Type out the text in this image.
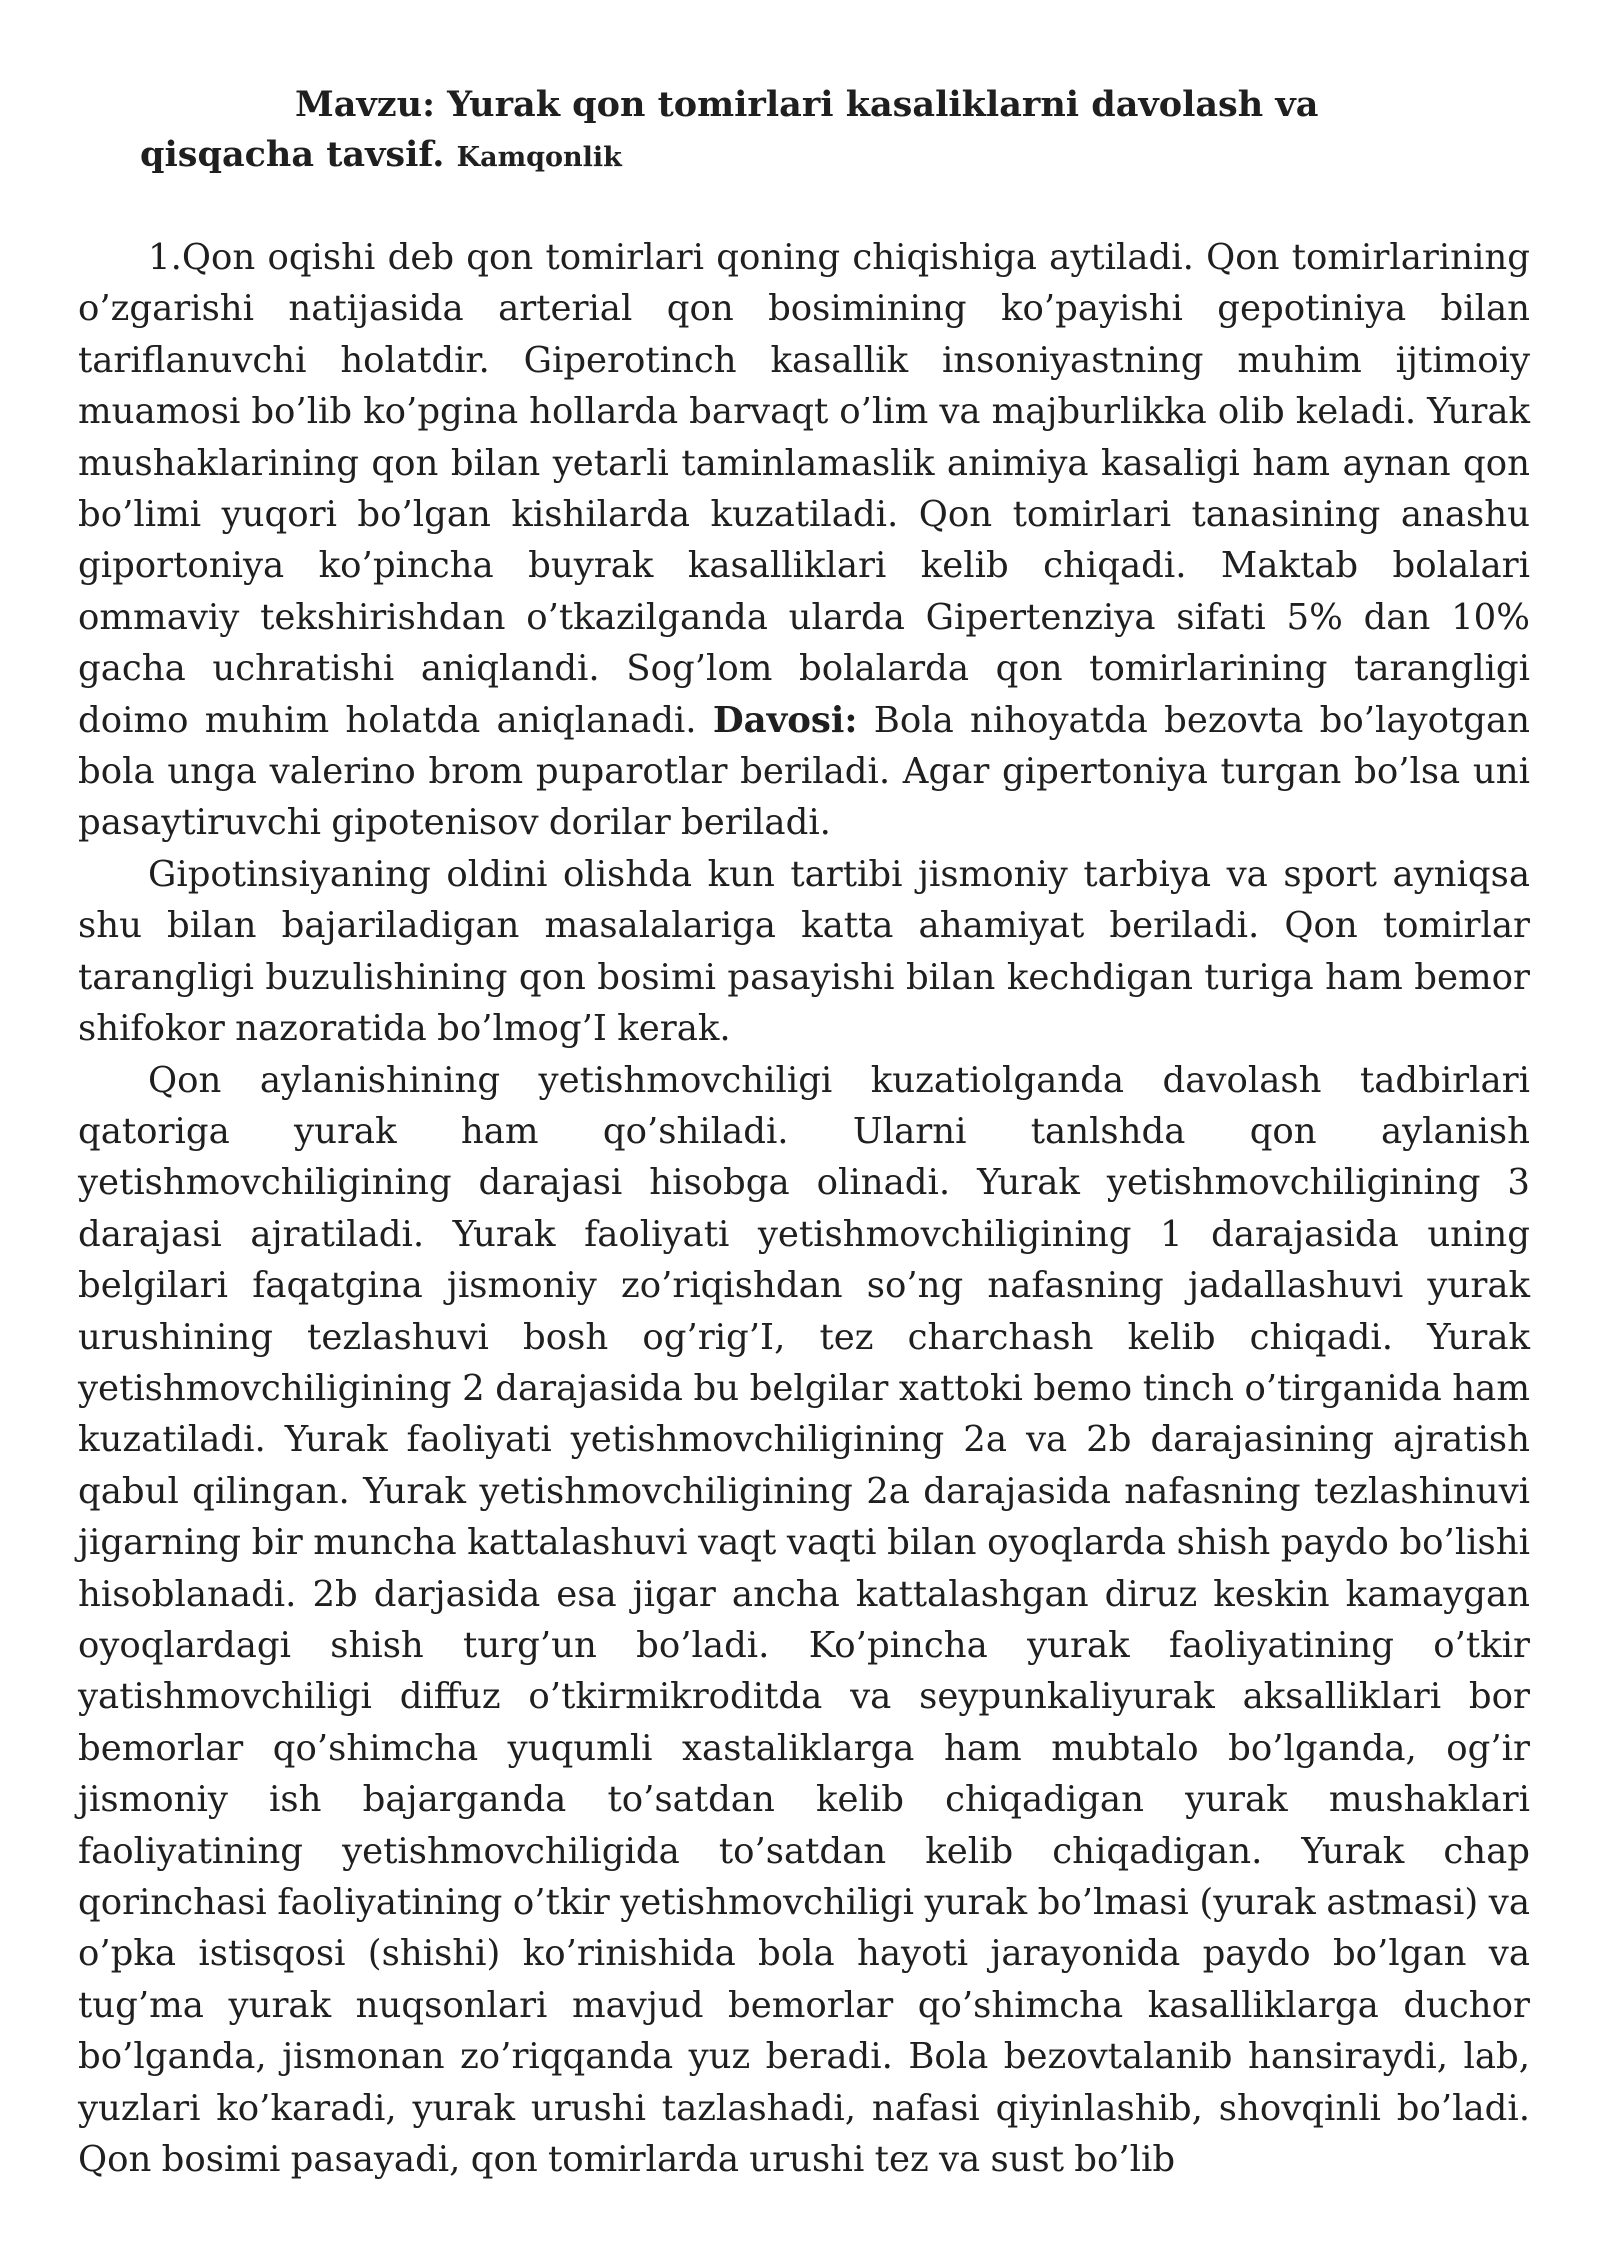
Mavzu: Yurak qon tomirlari kasaliklarni davolash va
qisqacha tavsif. Kamqonlik

1.Qon oqishi deb qon tomirlari qoning chiqishiga aytiladi. Qon tomirlarining o’zgarishi natijasida arterial qon bosimining ko’payishi gepotiniya bilan tariflanuvchi holatdir. Giperotinch kasallik insoniyastning muhim ijtimoiy muamosi bo’lib ko’pgina hollarda barvaqt o’lim va majburlikka olib keladi. Yurak mushaklarining qon bilan yetarli taminlamaslik animiya kasaligi ham aynan qon bo’limi yuqori bo’lgan kishilarda kuzatiladi. Qon tomirlari tanasining anashu giportoniya ko’pincha buyrak kasalliklari kelib chiqadi. Maktab bolalari ommaviy tekshirishdan o’tkazilganda ularda Gipertenziya sifati 5% dan 10% gacha uchratishi aniqlandi. Sog’lom bolalarda qon tomirlarining tarangligi doimo muhim holatda aniqlanadi. Davosi: Bola nihoyatda bezovta bo’layotgan bola unga valerino brom puparotlar beriladi. Agar gipertoniya turgan bo’lsa uni pasaytiruvchi gipotenisov dorilar beriladi.

Gipotinsiyaning oldini olishda kun tartibi jismoniy tarbiya va sport ayniqsa shu bilan bajariladigan masalalariga katta ahamiyat beriladi. Qon tomirlar tarangligi buzulishining qon bosimi pasayishi bilan kechdigan turiga ham bemor shifokor nazoratida bo’lmog’I kerak.

Qon aylanishining yetishmovchiligi kuzatiolganda davolash tadbirlari qatoriga yurak ham qo’shiladi. Ularni tanlshda qon aylanish yetishmovchiligining darajasi hisobga olinadi. Yurak yetishmovchiligining 3 darajasi ajratiladi. Yurak faoliyati yetishmovchiligining 1 darajasida uning belgilari faqatgina jismoniy zo’riqishdan so’ng nafasning jadallashuvi yurak urushining tezlashuvi bosh og’rig’I, tez charchash kelib chiqadi. Yurak yetishmovchiligining 2 darajasida bu belgilar xattoki bemo tinch o’tirganida ham kuzatiladi. Yurak faoliyati yetishmovchiligining 2a va 2b darajasining ajratish qabul qilingan. Yurak yetishmovchiligining 2a darajasida nafasning tezlashinuvi jigarning bir muncha kattalashuvi vaqt vaqti bilan oyoqlarda shish paydo bo’lishi hisoblanadi. 2b darjasida esa jigar ancha kattalashgan diruz keskin kamaygan oyoqlardagi shish turg’un bo’ladi. Ko’pincha yurak faoliyatining o’tkir yatishmovchiligi diffuz o’tkirmikroditda va seypunkaliyurak aksalliklari bor bemorlar qo’shimcha yuqumli xastaliklarga ham mubtalo bo’lganda, og’ir jismoniy ish bajarganda to’satdan kelib chiqadigan yurak mushaklari faoliyatining yetishmovchiligida to’satdan kelib chiqadigan. Yurak chap qorinchasi faoliyatining o’tkir yetishmovchiligi yurak bo’lmasi (yurak astmasi) va o’pka istisqosi (shishi) ko’rinishida bola hayoti jarayonida paydo bo’lgan va tug’ma yurak nuqsonlari mavjud bemorlar qo’shimcha kasalliklarga duchor bo’lganda, jismonan zo’riqqanda yuz beradi. Bola bezovtalanib hansiraydi, lab, yuzlari ko’karadi, yurak urushi tazlashadi, nafasi qiyinlashib, shovqinli bo’ladi. Qon bosimi pasayadi, qon tomirlarda urushi tez va sust bo’lib
